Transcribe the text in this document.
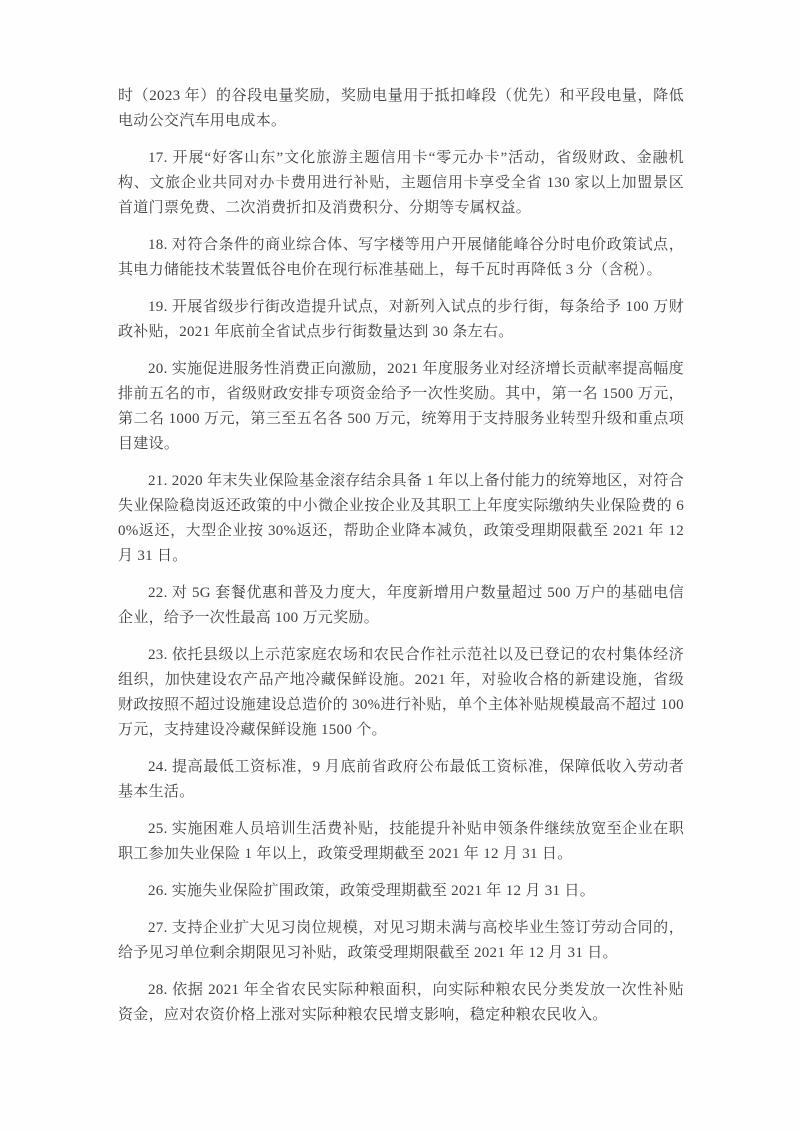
时（2023 年）的谷段电量奖励，奖励电量用于抵扣峰段（优先）和平段电量，降低电动公交汽车用电成本。

17. 开展“好客山东”文化旅游主题信用卡“零元办卡”活动，省级财政、金融机构、文旅企业共同对办卡费用进行补贴，主题信用卡享受全省 130 家以上加盟景区首道门票免费、二次消费折扣及消费积分、分期等专属权益。

18. 对符合条件的商业综合体、写字楼等用户开展储能峰谷分时电价政策试点，其电力储能技术装置低谷电价在现行标准基础上，每千瓦时再降低 3 分（含税）。

19. 开展省级步行街改造提升试点，对新列入试点的步行街，每条给予 100 万财政补贴，2021 年底前全省试点步行街数量达到 30 条左右。

20. 实施促进服务性消费正向激励，2021 年度服务业对经济增长贡献率提高幅度排前五名的市，省级财政安排专项资金给予一次性奖励。其中，第一名 1500 万元，第二名 1000 万元，第三至五名各 500 万元，统筹用于支持服务业转型升级和重点项目建设。

21. 2020 年末失业保险基金滚存结余具备 1 年以上备付能力的统筹地区，对符合失业保险稳岗返还政策的中小微企业按企业及其职工上年度实际缴纳失业保险费的 60%返还，大型企业按 30%返还，帮助企业降本减负，政策受理期限截至 2021 年 12 月 31 日。

22. 对 5G 套餐优惠和普及力度大，年度新增用户数量超过 500 万户的基础电信企业，给予一次性最高 100 万元奖励。

23. 依托县级以上示范家庭农场和农民合作社示范社以及已登记的农村集体经济组织，加快建设农产品产地冷藏保鲜设施。2021 年，对验收合格的新建设施，省级财政按照不超过设施建设总造价的 30%进行补贴，单个主体补贴规模最高不超过 100 万元，支持建设冷藏保鲜设施 1500 个。

24. 提高最低工资标准，9 月底前省政府公布最低工资标准，保障低收入劳动者基本生活。

25. 实施困难人员培训生活费补贴，技能提升补贴申领条件继续放宽至企业在职职工参加失业保险 1 年以上，政策受理期截至 2021 年 12 月 31 日。

26. 实施失业保险扩围政策，政策受理期截至 2021 年 12 月 31 日。

27. 支持企业扩大见习岗位规模，对见习期未满与高校毕业生签订劳动合同的，给予见习单位剩余期限见习补贴，政策受理期限截至 2021 年 12 月 31 日。

28. 依据 2021 年全省农民实际种粮面积，向实际种粮农民分类发放一次性补贴资金，应对农资价格上涨对实际种粮农民增支影响，稳定种粮农民收入。
